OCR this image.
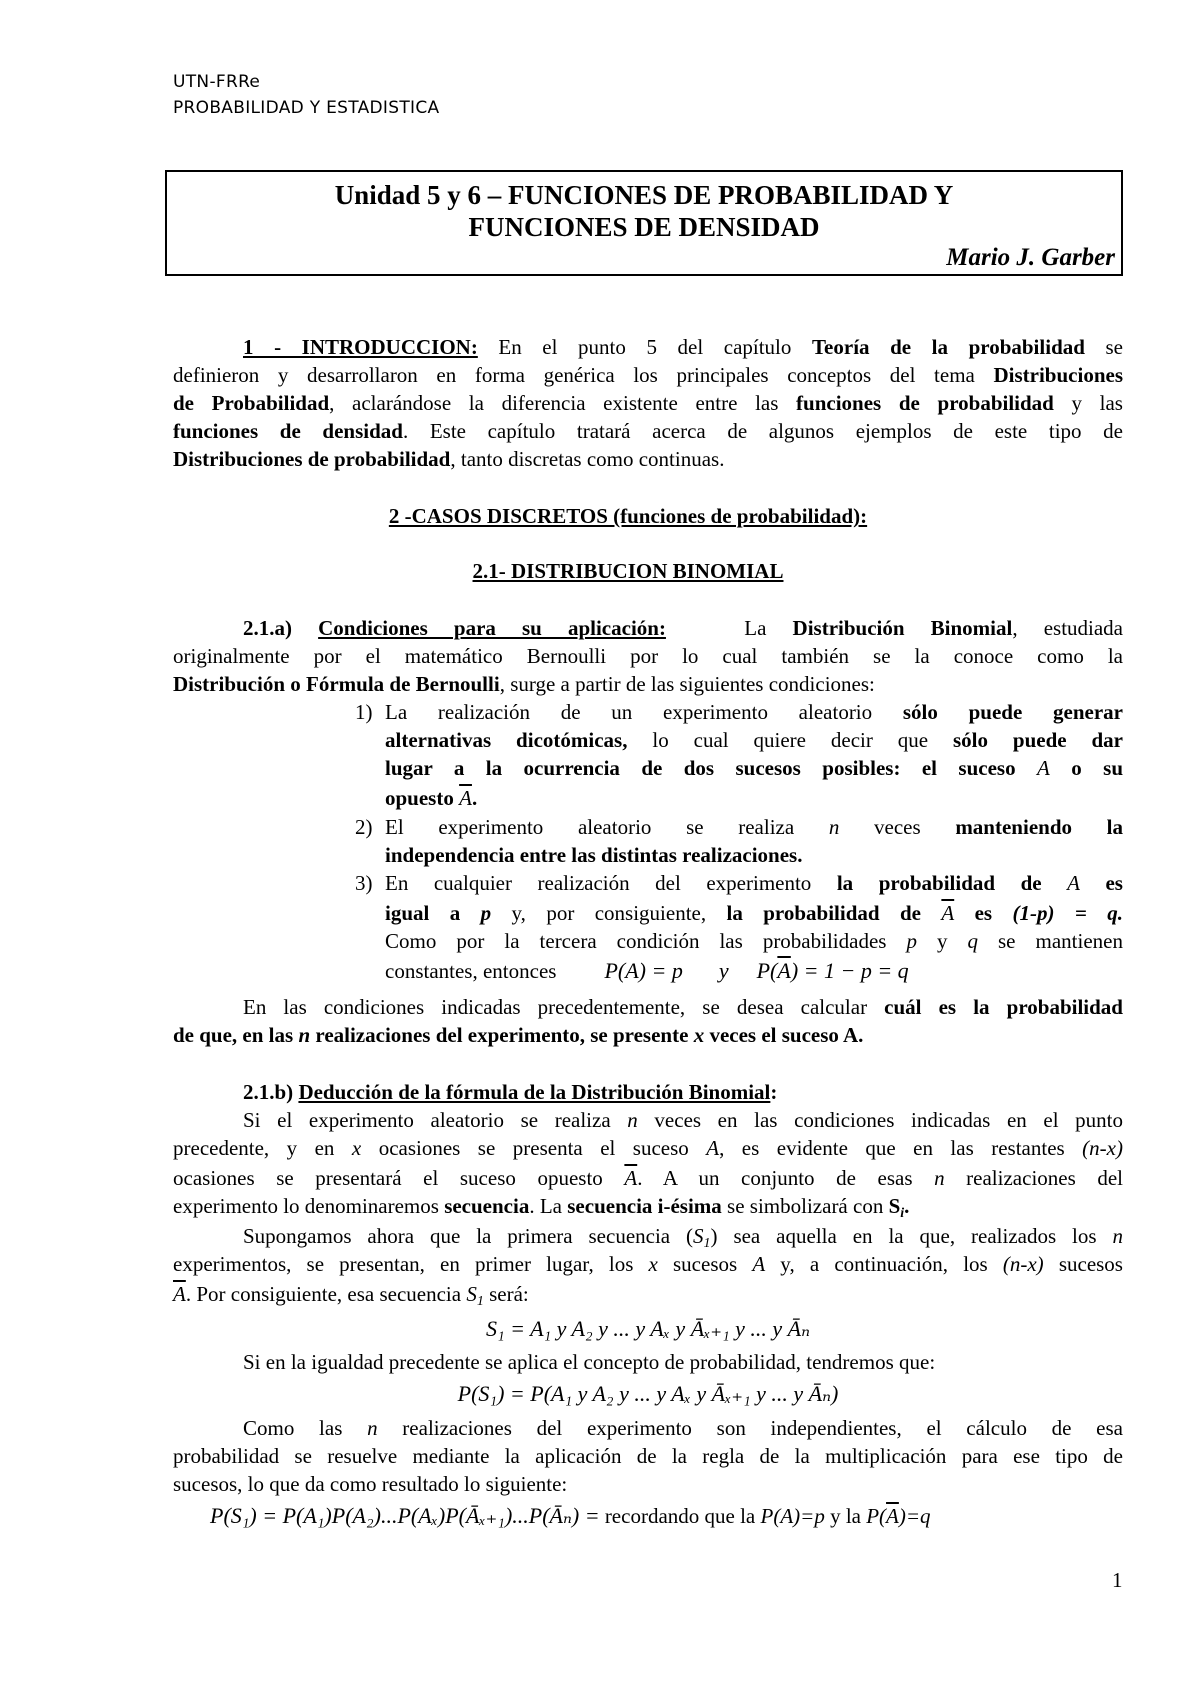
UTN-FRRe
PROBABILIDAD Y ESTADISTICA
Unidad 5 y 6 – FUNCIONES DE PROBABILIDAD Y
FUNCIONES DE DENSIDAD
Mario J. Garber
1 - INTRODUCCION: En el punto 5 del capítulo Teoría de la probabilidad se
definieron y desarrollaron en forma genérica los principales conceptos del tema Distribuciones
de Probabilidad, aclarándose la diferencia existente entre las funciones de probabilidad y las
funciones de densidad. Este capítulo tratará acerca de algunos ejemplos de este tipo de
Distribuciones de probabilidad, tanto discretas como continuas.
2 -CASOS DISCRETOS (funciones de probabilidad):
2.1- DISTRIBUCION BINOMIAL
2.1.a) Condiciones para su aplicación:   La Distribución Binomial, estudiada
originalmente por el matemático Bernoulli por lo cual también se la conoce como la
Distribución o Fórmula de Bernoulli, surge a partir de las siguientes condiciones:
1) La realización de un experimento aleatorio sólo puede generar
alternativas dicotómicas, lo cual quiere decir que sólo puede dar
lugar a la ocurrencia de dos sucesos posibles: el suceso A o su
opuesto $\overline{A}$.
2) El experimento aleatorio se realiza n veces manteniendo la
independencia entre las distintas realizaciones.
3) En cualquier realización del experimento la probabilidad de A es
igual a p y, por consiguiente, la probabilidad de $\overline{A}$ es (1-p) = q.
Como por la tercera condición las probabilidades p y q se mantienen
constantes, entonces P(A) = p y $P(\overline{A}) = 1 - p = q$
En las condiciones indicadas precedentemente, se desea calcular cuál es la probabilidad
de que, en las n realizaciones del experimento, se presente x veces el suceso A.
2.1.b) Deducción de la fórmula de la Distribución Binomial:
Si el experimento aleatorio se realiza n veces en las condiciones indicadas en el punto
precedente, y en x ocasiones se presenta el suceso A, es evidente que en las restantes (n-x)
ocasiones se presentará el suceso opuesto $\overline{A}$. A un conjunto de esas n realizaciones del
experimento lo denominaremos secuencia. La secuencia i-ésima se simbolizará con $S_i$.
Supongamos ahora que la primera secuencia $(S_1)$ sea aquella en la que, realizados los n
experimentos, se presentan, en primer lugar, los x sucesos A y, a continuación, los (n-x) sucesos
$\overline{A}$. Por consiguiente, esa secuencia $S_1$ será:
S₁ = A₁ y A₂ y ... y Aₓ y Āₓ₊₁ y ... y Āₙ
Si en la igualdad precedente se aplica el concepto de probabilidad, tendremos que:
P(S₁) = P(A₁ y A₂ y ... y Aₓ y Āₓ₊₁ y ... y Āₙ)
Como las n realizaciones del experimento son independientes, el cálculo de esa
probabilidad se resuelve mediante la aplicación de la regla de la multiplicación para ese tipo de
sucesos, lo que da como resultado lo siguiente:
P(S₁) = P(A₁)P(A₂)...P(Aₓ)P(Āₓ₊₁)...P(Āₙ) = recordando que la P(A)=p y la $P(\overline{A})=q$
1
